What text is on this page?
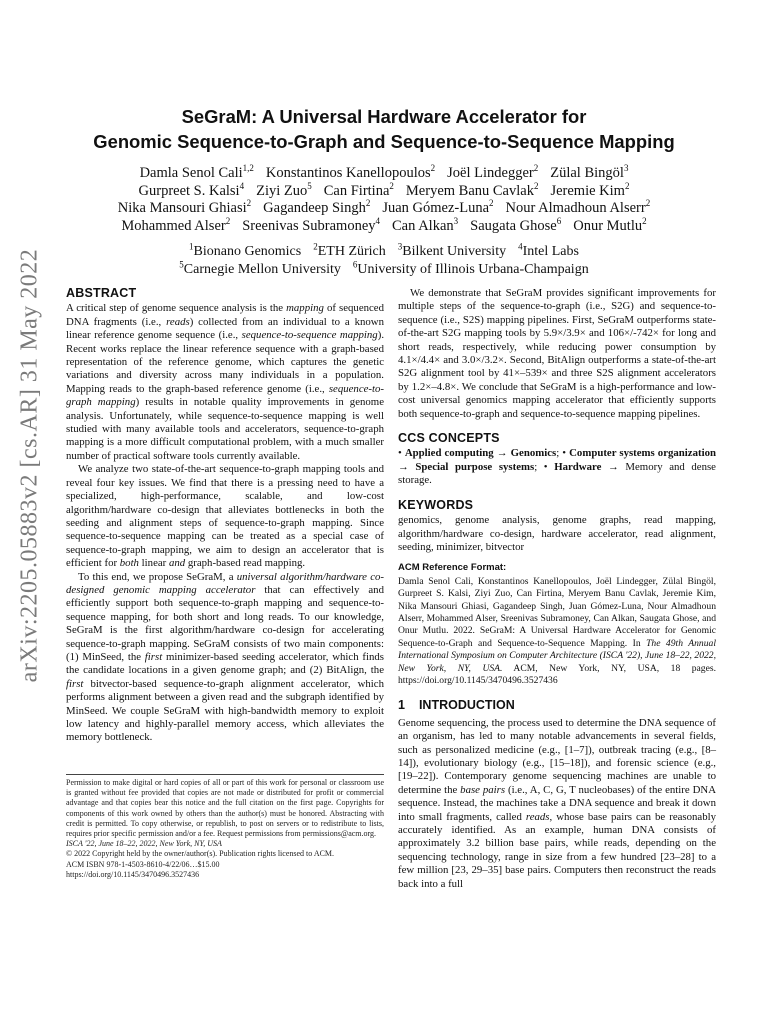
arXiv:2205.05883v2 [cs.AR] 31 May 2022
SeGraM: A Universal Hardware Accelerator for
Genomic Sequence-to-Graph and Sequence-to-Sequence Mapping
Damla Senol Cali$^{1,2}$ Konstantinos Kanellopoulos$^2$ Joël Lindegger$^2$ Zülal Bingöl$^3$
Gurpreet S. Kalsi$^4$ Ziyi Zuo$^5$ Can Firtina$^2$ Meryem Banu Cavlak$^2$ Jeremie Kim$^2$
Nika Mansouri Ghiasi$^2$ Gagandeep Singh$^2$ Juan Gómez-Luna$^2$ Nour Almadhoun Alserr$^2$
Mohammed Alser$^2$ Sreenivas Subramoney$^4$ Can Alkan$^3$ Saugata Ghose$^6$ Onur Mutlu$^2$
$^1$Bionano Genomics $^2$ETH Zürich $^3$Bilkent University $^4$Intel Labs
$^5$Carnegie Mellon University $^6$University of Illinois Urbana-Champaign
ABSTRACT

A critical step of genome sequence analysis is the mapping of sequenced DNA fragments (i.e., reads) collected from an individual to a known linear reference genome sequence (i.e., sequence-to-sequence mapping). Recent works replace the linear reference sequence with a graph-based representation of the reference genome, which captures the genetic variations and diversity across many individuals in a population. Mapping reads to the graph-based reference genome (i.e., sequence-to-graph mapping) results in notable quality improvements in genome analysis. Unfortunately, while sequence-to-sequence mapping is well studied with many available tools and accelerators, sequence-to-graph mapping is a more difficult computational problem, with a much smaller number of practical software tools currently available.

We analyze two state-of-the-art sequence-to-graph mapping tools and reveal four key issues. We find that there is a pressing need to have a specialized, high-performance, scalable, and low-cost algorithm/hardware co-design that alleviates bottlenecks in both the seeding and alignment steps of sequence-to-graph mapping. Since sequence-to-sequence mapping can be treated as a special case of sequence-to-graph mapping, we aim to design an accelerator that is efficient for both linear and graph-based read mapping.

To this end, we propose SeGraM, a universal algorithm/hardware co-designed genomic mapping accelerator that can effectively and efficiently support both sequence-to-graph mapping and sequence-to-sequence mapping, for both short and long reads. To our knowledge, SeGraM is the first algorithm/hardware co-design for accelerating sequence-to-graph mapping. SeGraM consists of two main components: (1) MinSeed, the first minimizer-based seeding accelerator, which finds the candidate locations in a given genome graph; and (2) BitAlign, the first bitvector-based sequence-to-graph alignment accelerator, which performs alignment between a given read and the subgraph identified by MinSeed. We couple SeGraM with high-bandwidth memory to exploit low latency and highly-parallel memory access, which alleviates the memory bottleneck.

We demonstrate that SeGraM provides significant improvements for multiple steps of the sequence-to-graph (i.e., S2G) and sequence-to-sequence (i.e., S2S) mapping pipelines. First, SeGraM outperforms state-of-the-art S2G mapping tools by 5.9×/3.9× and 106×/-742× for long and short reads, respectively, while reducing power consumption by 4.1×/4.4× and 3.0×/3.2×. Second, BitAlign outperforms a state-of-the-art S2G alignment tool by 41×–539× and three S2S alignment accelerators by 1.2×–4.8×. We conclude that SeGraM is a high-performance and low-cost universal genomics mapping accelerator that efficiently supports both sequence-to-graph and sequence-to-sequence mapping pipelines.

CCS CONCEPTS

• Applied computing → Genomics; • Computer systems organization → Special purpose systems; • Hardware → Memory and dense storage.

KEYWORDS

genomics, genome analysis, genome graphs, read mapping, algorithm/hardware co-design, hardware accelerator, read alignment, seeding, minimizer, bitvector

ACM Reference Format:

Damla Senol Cali, Konstantinos Kanellopoulos, Joël Lindegger, Zülal Bingöl, Gurpreet S. Kalsi, Ziyi Zuo, Can Firtina, Meryem Banu Cavlak, Jeremie Kim, Nika Mansouri Ghiasi, Gagandeep Singh, Juan Gómez-Luna, Nour Almadhoun Alserr, Mohammed Alser, Sreenivas Subramoney, Can Alkan, Saugata Ghose, and Onur Mutlu. 2022. SeGraM: A Universal Hardware Accelerator for Genomic Sequence-to-Graph and Sequence-to-Sequence Mapping. In The 49th Annual International Symposium on Computer Architecture (ISCA '22), June 18–22, 2022, New York, NY, USA. ACM, New York, NY, USA, 18 pages. https://doi.org/10.1145/3470496.3527436

1 INTRODUCTION

Genome sequencing, the process used to determine the DNA sequence of an organism, has led to many notable advancements in several fields, such as personalized medicine (e.g., [1–7]), outbreak tracing (e.g., [8–14]), evolutionary biology (e.g., [15–18]), and forensic science (e.g., [19–22]). Contemporary genome sequencing machines are unable to determine the base pairs (i.e., A, C, G, T nucleobases) of the entire DNA sequence. Instead, the machines take a DNA sequence and break it down into small fragments, called reads, whose base pairs can be reasonably accurately identified. As an example, human DNA consists of approximately 3.2 billion base pairs, while reads, depending on the sequencing technology, range in size from a few hundred [23–28] to a few million [23, 29–35] base pairs. Computers then reconstruct the reads back into a full

Permission to make digital or hard copies of all or part of this work for personal or classroom use is granted without fee provided that copies are not made or distributed for profit or commercial advantage and that copies bear this notice and the full citation on the first page. Copyrights for components of this work owned by others than the author(s) must be honored. Abstracting with credit is permitted. To copy otherwise, or republish, to post on servers or to redistribute to lists, requires prior specific permission and/or a fee. Request permissions from permissions@acm.org.

ISCA '22, June 18–22, 2022, New York, NY, USA

© 2022 Copyright held by the owner/author(s). Publication rights licensed to ACM.

ACM ISBN 978-1-4503-8610-4/22/06…$15.00

https://doi.org/10.1145/3470496.3527436
